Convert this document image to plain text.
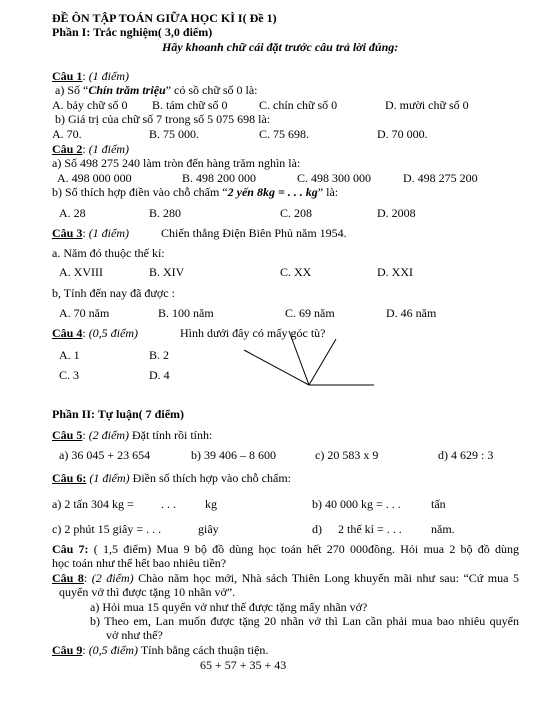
ĐỀ ÔN TẬP TOÁN GIỮA HỌC KÌ I( Đề 1)
Phần I: Trắc nghiệm( 3,0 điểm)
Hãy khoanh chữ cái đặt trước câu trả lời đúng:
Câu 1: (1 điểm)
a) Số “Chín trăm triệu” có sồ chữ số 0 là:
A. bảy chữ số 0 B. tám chữ số 0	C. chín chữ số 0	D. mười chữ số 0
b) Giá trị của chữ số 7 trong số 5 075 698 là:
A. 70.	B. 75 000.	C. 75 698.	D. 70 000.
Câu 2: (1 điểm)
a) Số 498 275 240 làm tròn đến hàng trăm nghìn là:
A. 498 000 000	B. 498 200 000	C. 498 300 000	D. 498 275 200
b) Số thích hợp điền vào chỗ chấm “2 yến 8kg = . . . kg” là:
A. 28	B. 280	C. 208	D. 2008
Câu 3: (1 điểm)	Chiến thắng Điện Biên Phủ năm 1954.
a. Năm đó thuộc thế kỉ:
A. XVIII	B. XIV	C. XX	D. XXI
b, Tính đến nay đã được :
A. 70 năm	B. 100 năm	C. 69 năm	D. 46 năm
Câu 4: (0,5 điểm)	Hình dưới đây có mấy góc tù?
A. 1	B. 2
C. 3	D. 4
Phần II: Tự luận( 7 điểm)
Câu 5: (2 điểm) Đặt tính rồi tính:
a) 36 045 + 23 654	b) 39 406 – 8 600	c) 20 583 x 9	d) 4 629 : 3
Câu 6: (1 điểm) Điền số thích hợp vào chỗ chấm:
a) 2 tấn 304 kg = . . . kg	b) 40 000 kg = . . .	tấn
c) 2 phút 15 giây = . . .	giây	d) 2 thế kỉ = . . . năm.
Câu 7: ( 1,5 điểm) Mua 9 bộ đồ dùng học toán hết 270 000đồng. Hỏi mua 2 bộ đồ dùng
học toán như thế hết bao nhiêu tiền?
Câu 8: (2 điểm) Chào năm học mới, Nhà sách Thiên Long khuyến mãi như sau: “Cứ mua 5
quyển vở thì được tặng 10 nhãn vở”.
a) Hỏi mua 15 quyển vở như thế được tặng mấy nhãn vở?
b) Theo em, Lan muốn được tặng 20 nhãn vở thì Lan cần phải mua bao nhiêu quyển
vở như thế?
Câu 9: (0,5 điểm) Tính bằng cách thuận tiện.
65 + 57 + 35 + 43
